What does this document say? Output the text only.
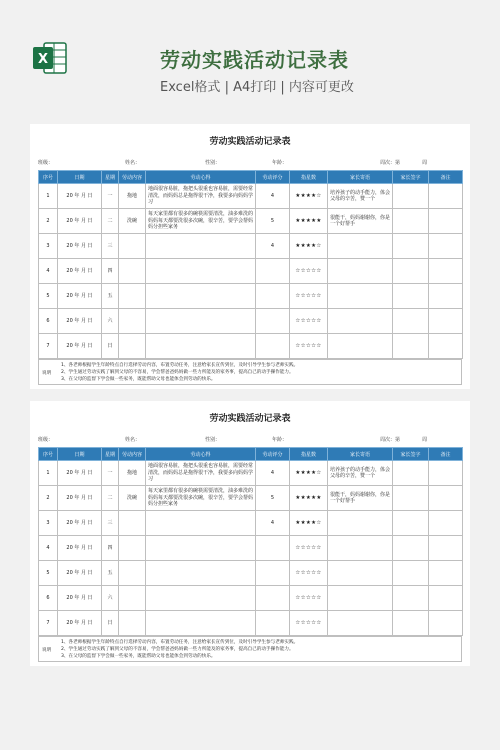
X	劳动实践活动记录表
Excel格式 | A4打印 | 内容可更改
劳动实践活动记录表
班级：	姓名：	性别：	年龄：	周次：第	周
序号	日期	星期	劳动内容	劳动心得	劳动评分	指星数	家长寄语	家长签字	备注
1	20 年 月 日	一	拖地	地面很容易脏，拖把头很重也容易脏，需要经常清洗，而妈妈总是拖得很干净，我要多向妈妈学习	4	★★★★☆	培养孩子的动手能力，体会父母的辛苦，赞一个		
2	20 年 月 日	二	洗碗	每天家里都有很多的碗筷需要清洗，油多难洗的妈妈每天都要洗很多次碗，很辛苦，要学会帮妈妈分担些家务	5	★★★★★	很能干，妈妈谢谢你，你是一个好帮手		
3	20 年 月 日	三			4	★★★★☆			
4	20 年 月 日	四				☆☆☆☆☆			
5	20 年 月 日	五				☆☆☆☆☆			
6	20 年 月 日	六				☆☆☆☆☆			
7	20 年 月 日	日				☆☆☆☆☆			
说明
1、各老师根据学生年龄特点自行选择劳动内容，布置劳动任务，注意给家长宣传到位，及时引导学生参与老师实践。
2、学生通过劳动实践了解到父母的不容易，学会帮爸爸妈妈做一些力所能及的家务事，提高自己的动手操作能力。
3、在父母的监督下学会做一些家务，既能帮助父母也能体会到劳动的快乐。
劳动实践活动记录表
班级：	姓名：	性别：	年龄：	周次：第	周
序号	日期	星期	劳动内容	劳动心得	劳动评分	指星数	家长寄语	家长签字	备注
1	20 年 月 日	一	拖地	地面很容易脏，拖把头很重也容易脏，需要经常清洗，而妈妈总是拖得很干净，我要多向妈妈学习	4	★★★★☆	培养孩子的动手能力，体会父母的辛苦，赞一个		
2	20 年 月 日	二	洗碗	每天家里都有很多的碗筷需要清洗，油多难洗的妈妈每天都要洗很多次碗，很辛苦，要学会帮妈妈分担些家务	5	★★★★★	很能干，妈妈谢谢你，你是一个好帮手		
3	20 年 月 日	三			4	★★★★☆			
4	20 年 月 日	四				☆☆☆☆☆			
5	20 年 月 日	五				☆☆☆☆☆			
6	20 年 月 日	六				☆☆☆☆☆			
7	20 年 月 日	日				☆☆☆☆☆			
说明
1、各老师根据学生年龄特点自行选择劳动内容，布置劳动任务，注意给家长宣传到位，及时引导学生参与老师实践。
2、学生通过劳动实践了解到父母的不容易，学会帮爸爸妈妈做一些力所能及的家务事，提高自己的动手操作能力。
3、在父母的监督下学会做一些家务，既能帮助父母也能体会到劳动的快乐。
